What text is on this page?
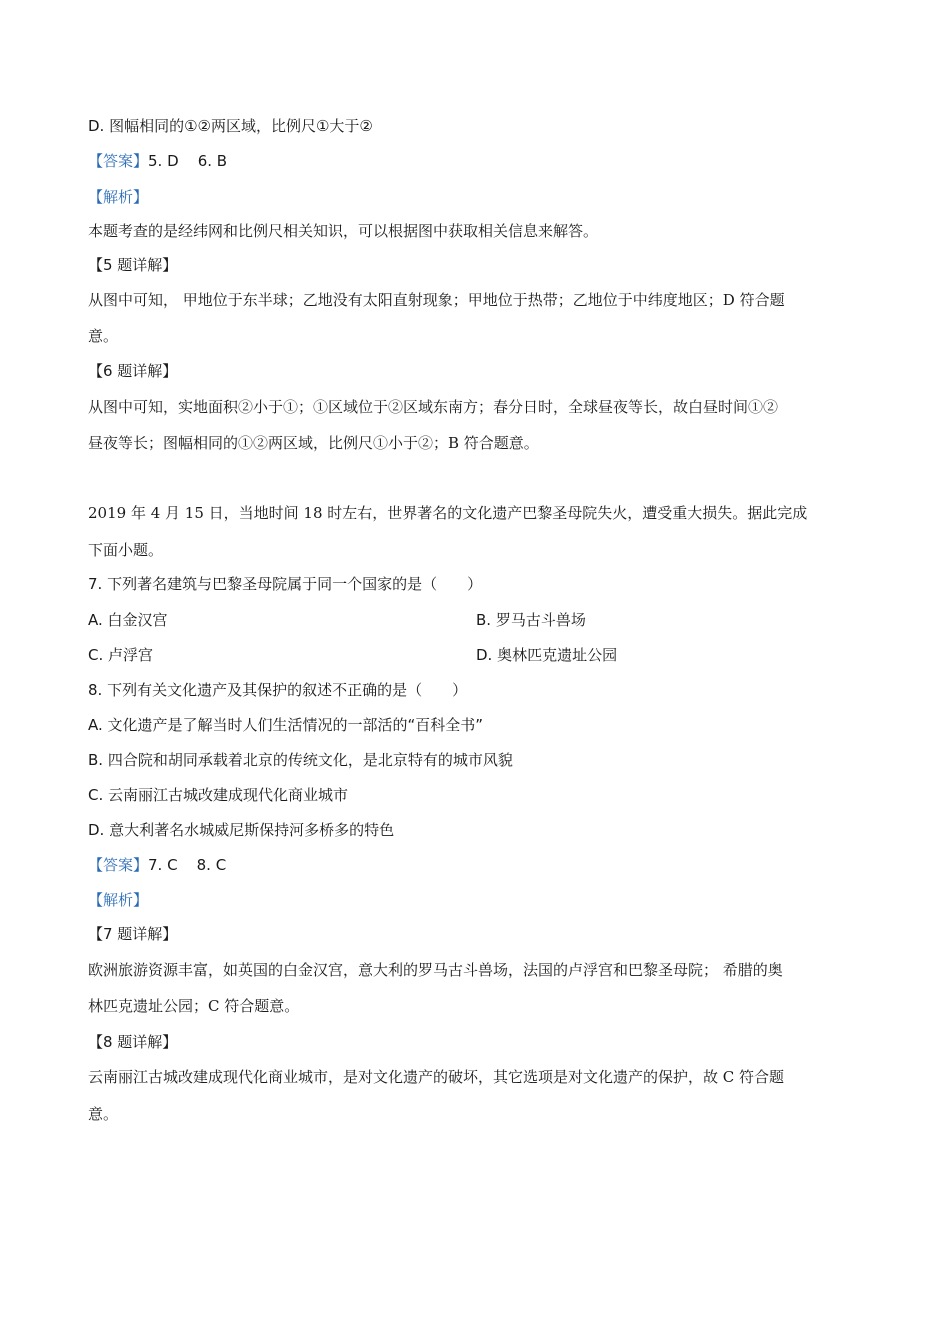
D. 图幅相同的①②两区域，比例尺①大于②
【答案】5. D    6. B
【解析】
本题考查的是经纬网和比例尺相关知识，可以根据图中获取相关信息来解答。
【5 题详解】
从图中可知， 甲地位于东半球；乙地没有太阳直射现象；甲地位于热带；乙地位于中纬度地区；D 符合题
意。
【6 题详解】
从图中可知，实地面积②小于①；①区域位于②区域东南方；春分日时，全球昼夜等长，故白昼时间①②
昼夜等长；图幅相同的①②两区域，比例尺①小于②；B 符合题意。
2019 年 4 月 15 日，当地时间 18 时左右，世界著名的文化遗产巴黎圣母院失火，遭受重大损失。据此完成
下面小题。
7. 下列著名建筑与巴黎圣母院属于同一个国家的是（　　）
A. 白金汉宫	B. 罗马古斗兽场
C. 卢浮宫	D. 奥林匹克遗址公园
8. 下列有关文化遗产及其保护的叙述不正确的是（　　）
A. 文化遗产是了解当时人们生活情况的一部活的“百科全书”
B. 四合院和胡同承载着北京的传统文化，是北京特有的城市风貌
C. 云南丽江古城改建成现代化商业城市
D. 意大利著名水城威尼斯保持河多桥多的特色
【答案】7. C    8. C
【解析】
【7 题详解】
欧洲旅游资源丰富，如英国的白金汉宫，意大利的罗马古斗兽场，法国的卢浮宫和巴黎圣母院； 希腊的奥
林匹克遗址公园；C 符合题意。
【8 题详解】
云南丽江古城改建成现代化商业城市，是对文化遗产的破坏，其它选项是对文化遗产的保护，故 C 符合题
意。
